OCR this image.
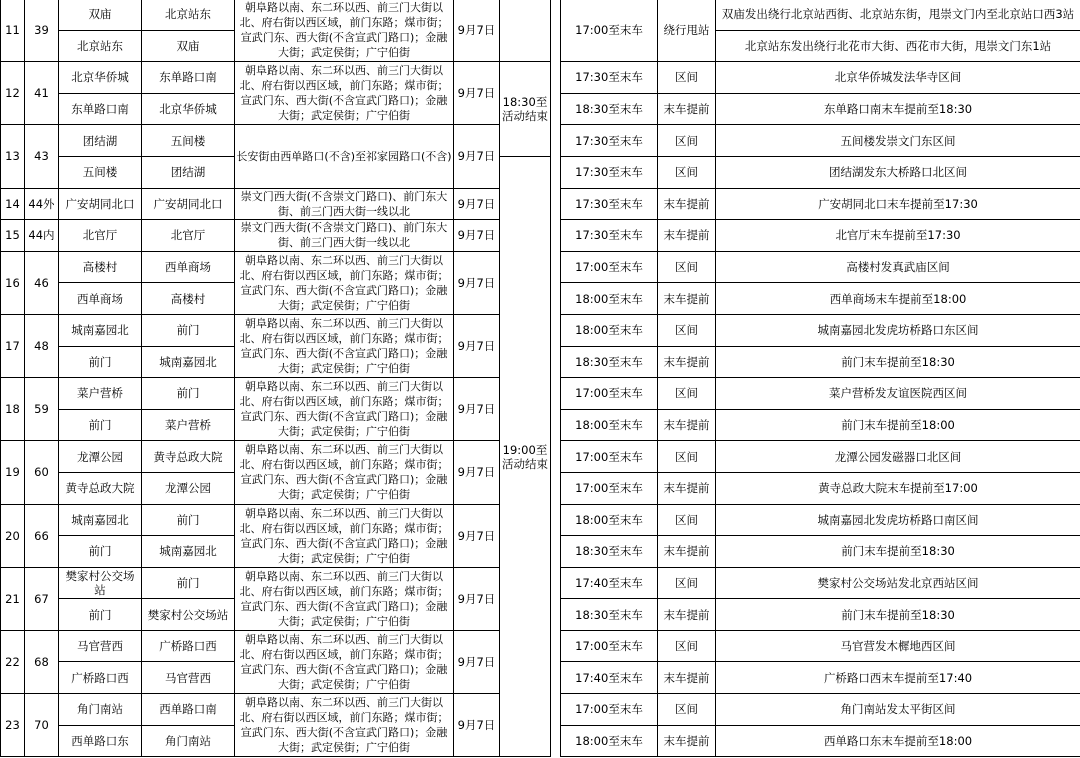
11	39	双庙	北京站东	朝阜路以南、东二环以西、前三门大街以北、府右街以西区域，前门东路；煤市街；宣武门东、西大街(不含宣武门路口)；金融大街；武定侯街；广宁伯街	9月7日			17:00至末车	绕行甩站	双庙发出绕行北京站西街、北京站东街，甩崇文门内至北京站口西3站
		北京站东	双庙							北京站东发出绕行北花市大街、西花市大街，甩崇文门东1站
12	41	北京华侨城	东单路口南	朝阜路以南、东二环以西、前三门大街以北、府右街以西区域，前门东路；煤市街；宣武门东、西大街(不含宣武门路口)；金融大街；武定侯街；广宁伯街	9月7日	18:30至活动结束		17:30至末车	区间	北京华侨城发法华寺区间
		东单路口南	北京华侨城					18:30至末车	末车提前	东单路口南末车提前至18:30
13	43	团结湖	五间楼	长安街由西单路口(不含)至祁家园路口(不含)	9月7日			17:30至末车	区间	五间楼发崇文门东区间
		五间楼	团结湖			19:00至活动结束		17:30至末车	区间	团结湖发东大桥路口北区间
14	44外	广安胡同北口	广安胡同北口	崇文门西大街(不含崇文门路口)、前门东大街、前三门西大街一线以北	9月7日			17:30至末车	末车提前	广安胡同北口末车提前至17:30
15	44内	北官厅	北官厅	崇文门西大街(不含崇文门路口)、前门东大街、前三门西大街一线以北	9月7日			17:30至末车	末车提前	北官厅末车提前至17:30
16	46	高楼村	西单商场	朝阜路以南、东二环以西、前三门大街以北、府右街以西区域，前门东路；煤市街；宣武门东、西大街(不含宣武门路口)；金融大街；武定侯街；广宁伯街	9月7日			17:00至末车	区间	高楼村发真武庙区间
		西单商场	高楼村					18:00至末车	末车提前	西单商场末车提前至18:00
17	48	城南嘉园北	前门	朝阜路以南、东二环以西、前三门大街以北、府右街以西区域，前门东路；煤市街；宣武门东、西大街(不含宣武门路口)；金融大街；武定侯街；广宁伯街	9月7日			18:00至末车	区间	城南嘉园北发虎坊桥路口东区间
		前门	城南嘉园北					18:30至末车	末车提前	前门末车提前至18:30
18	59	菜户营桥	前门	朝阜路以南、东二环以西、前三门大街以北、府右街以西区域，前门东路；煤市街；宣武门东、西大街(不含宣武门路口)；金融大街；武定侯街；广宁伯街	9月7日			17:00至末车	区间	菜户营桥发友谊医院西区间
		前门	菜户营桥					18:00至末车	末车提前	前门末车提前至18:00
19	60	龙潭公园	黄寺总政大院	朝阜路以南、东二环以西、前三门大街以北、府右街以西区域，前门东路；煤市街；宣武门东、西大街(不含宣武门路口)；金融大街；武定侯街；广宁伯街	9月7日			17:00至末车	区间	龙潭公园发磁器口北区间
		黄寺总政大院	龙潭公园					17:00至末车	末车提前	黄寺总政大院末车提前至17:00
20	66	城南嘉园北	前门	朝阜路以南、东二环以西、前三门大街以北、府右街以西区域，前门东路；煤市街；宣武门东、西大街(不含宣武门路口)；金融大街；武定侯街；广宁伯街	9月7日			18:00至末车	区间	城南嘉园北发虎坊桥路口南区间
		前门	城南嘉园北					18:30至末车	末车提前	前门末车提前至18:30
21	67	樊家村公交场站	前门	朝阜路以南、东二环以西、前三门大街以北、府右街以西区域，前门东路；煤市街；宣武门东、西大街(不含宣武门路口)；金融大街；武定侯街；广宁伯街	9月7日			17:40至末车	区间	樊家村公交场站发北京西站区间
		前门	樊家村公交场站					18:30至末车	末车提前	前门末车提前至18:30
22	68	马官营西	广桥路口西	朝阜路以南、东二环以西、前三门大街以北、府右街以西区域，前门东路；煤市街；宣武门东、西大街(不含宣武门路口)；金融大街；武定侯街；广宁伯街	9月7日			17:00至末车	区间	马官营发木樨地西区间
		广桥路口西	马官营西					17:40至末车	末车提前	广桥路口西末车提前至17:40
23	70	角门南站	西单路口南	朝阜路以南、东二环以西、前三门大街以北、府右街以西区域，前门东路；煤市街；宣武门东、西大街(不含宣武门路口)；金融大街；武定侯街；广宁伯街	9月7日			17:00至末车	区间	角门南站发太平街区间
		西单路口东	角门南站					18:00至末车	末车提前	西单路口东末车提前至18:00
